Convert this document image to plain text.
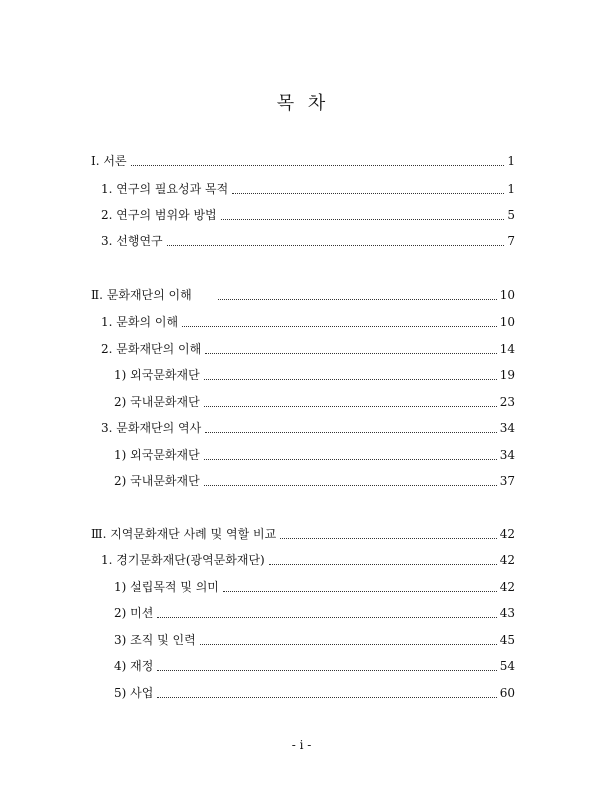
목 차
Ⅰ. 서론	1
1. 연구의 필요성과 목적	1
2. 연구의 범위와 방법	5
3. 선행연구	7
Ⅱ. 문화재단의 이해	10
1. 문화의 이해	10
2. 문화재단의 이해	14
1) 외국문화재단	19
2) 국내문화재단	23
3. 문화재단의 역사	34
1) 외국문화재단	34
2) 국내문화재단	37
Ⅲ. 지역문화재단 사례 및 역할 비교	42
1. 경기문화재단(광역문화재단)	42
1) 설립목적 및 의미	42
2) 미션	43
3) 조직 및 인력	45
4) 재정	54
5) 사업	60
- i -
